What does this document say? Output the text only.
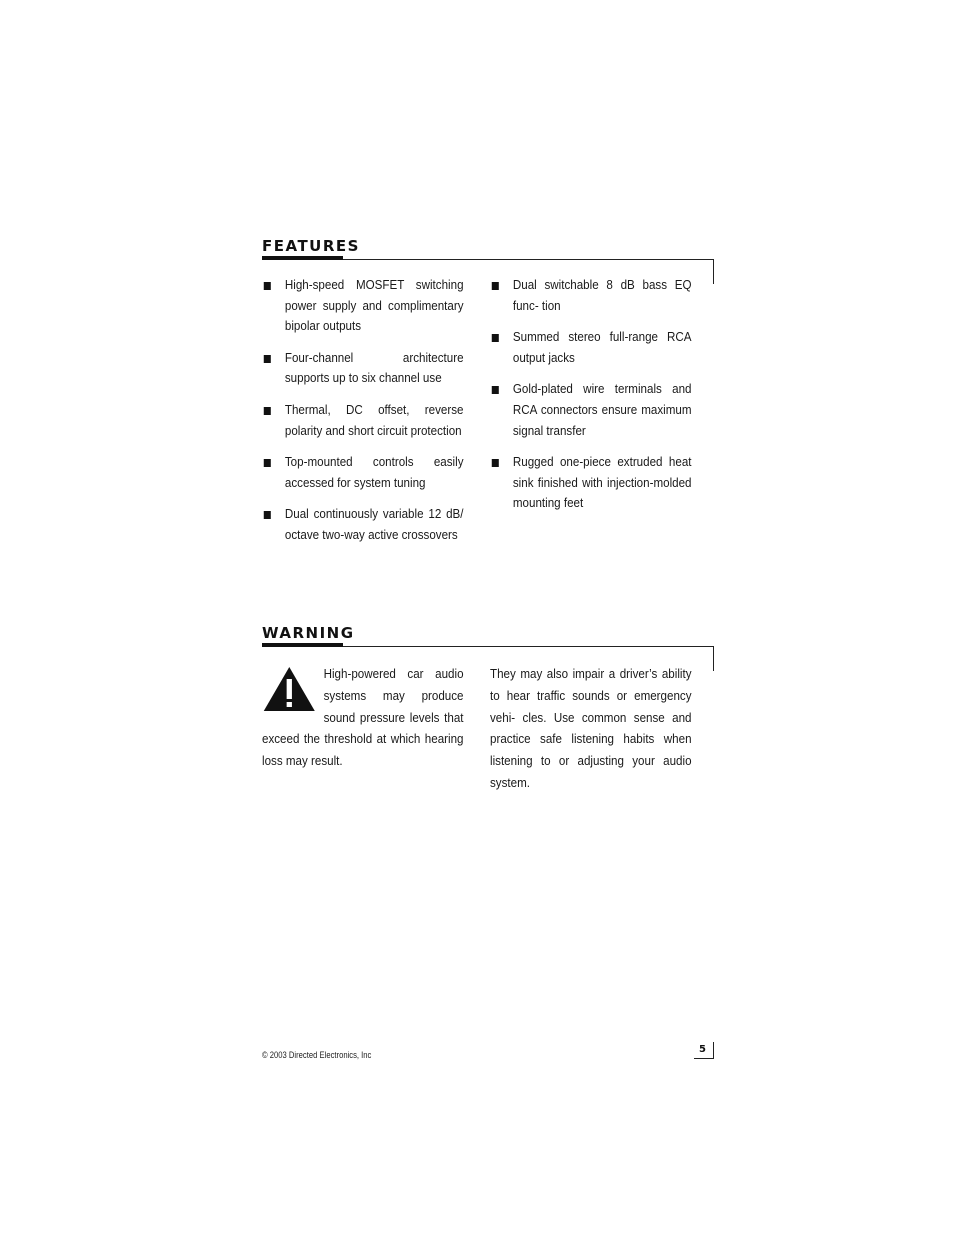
FEATURES
High-speed MOSFET switching power supply and complimentary bipolar outputs
Four-channel architecture supports up to six channel use
Thermal, DC offset, reverse polarity and short circuit protection
Top-mounted controls easily accessed for system tuning
Dual continuously variable 12 dB/ octave two-way active crossovers
Dual switchable 8 dB bass EQ func- tion
Summed stereo full-range RCA output jacks
Gold-plated wire terminals and RCA connectors ensure maximum signal transfer
Rugged one-piece extruded heat sink finished with injection-molded mounting feet
WARNING

High-powered car audio systems may produce sound pressure levels that exceed the threshold at which hearing loss may result.

They may also impair a driver’s ability to hear traffic sounds or emergency vehi- cles. Use common sense and practice safe listening habits when listening to or adjusting your audio system.

© 2003 Directed Electronics, Inc	5
